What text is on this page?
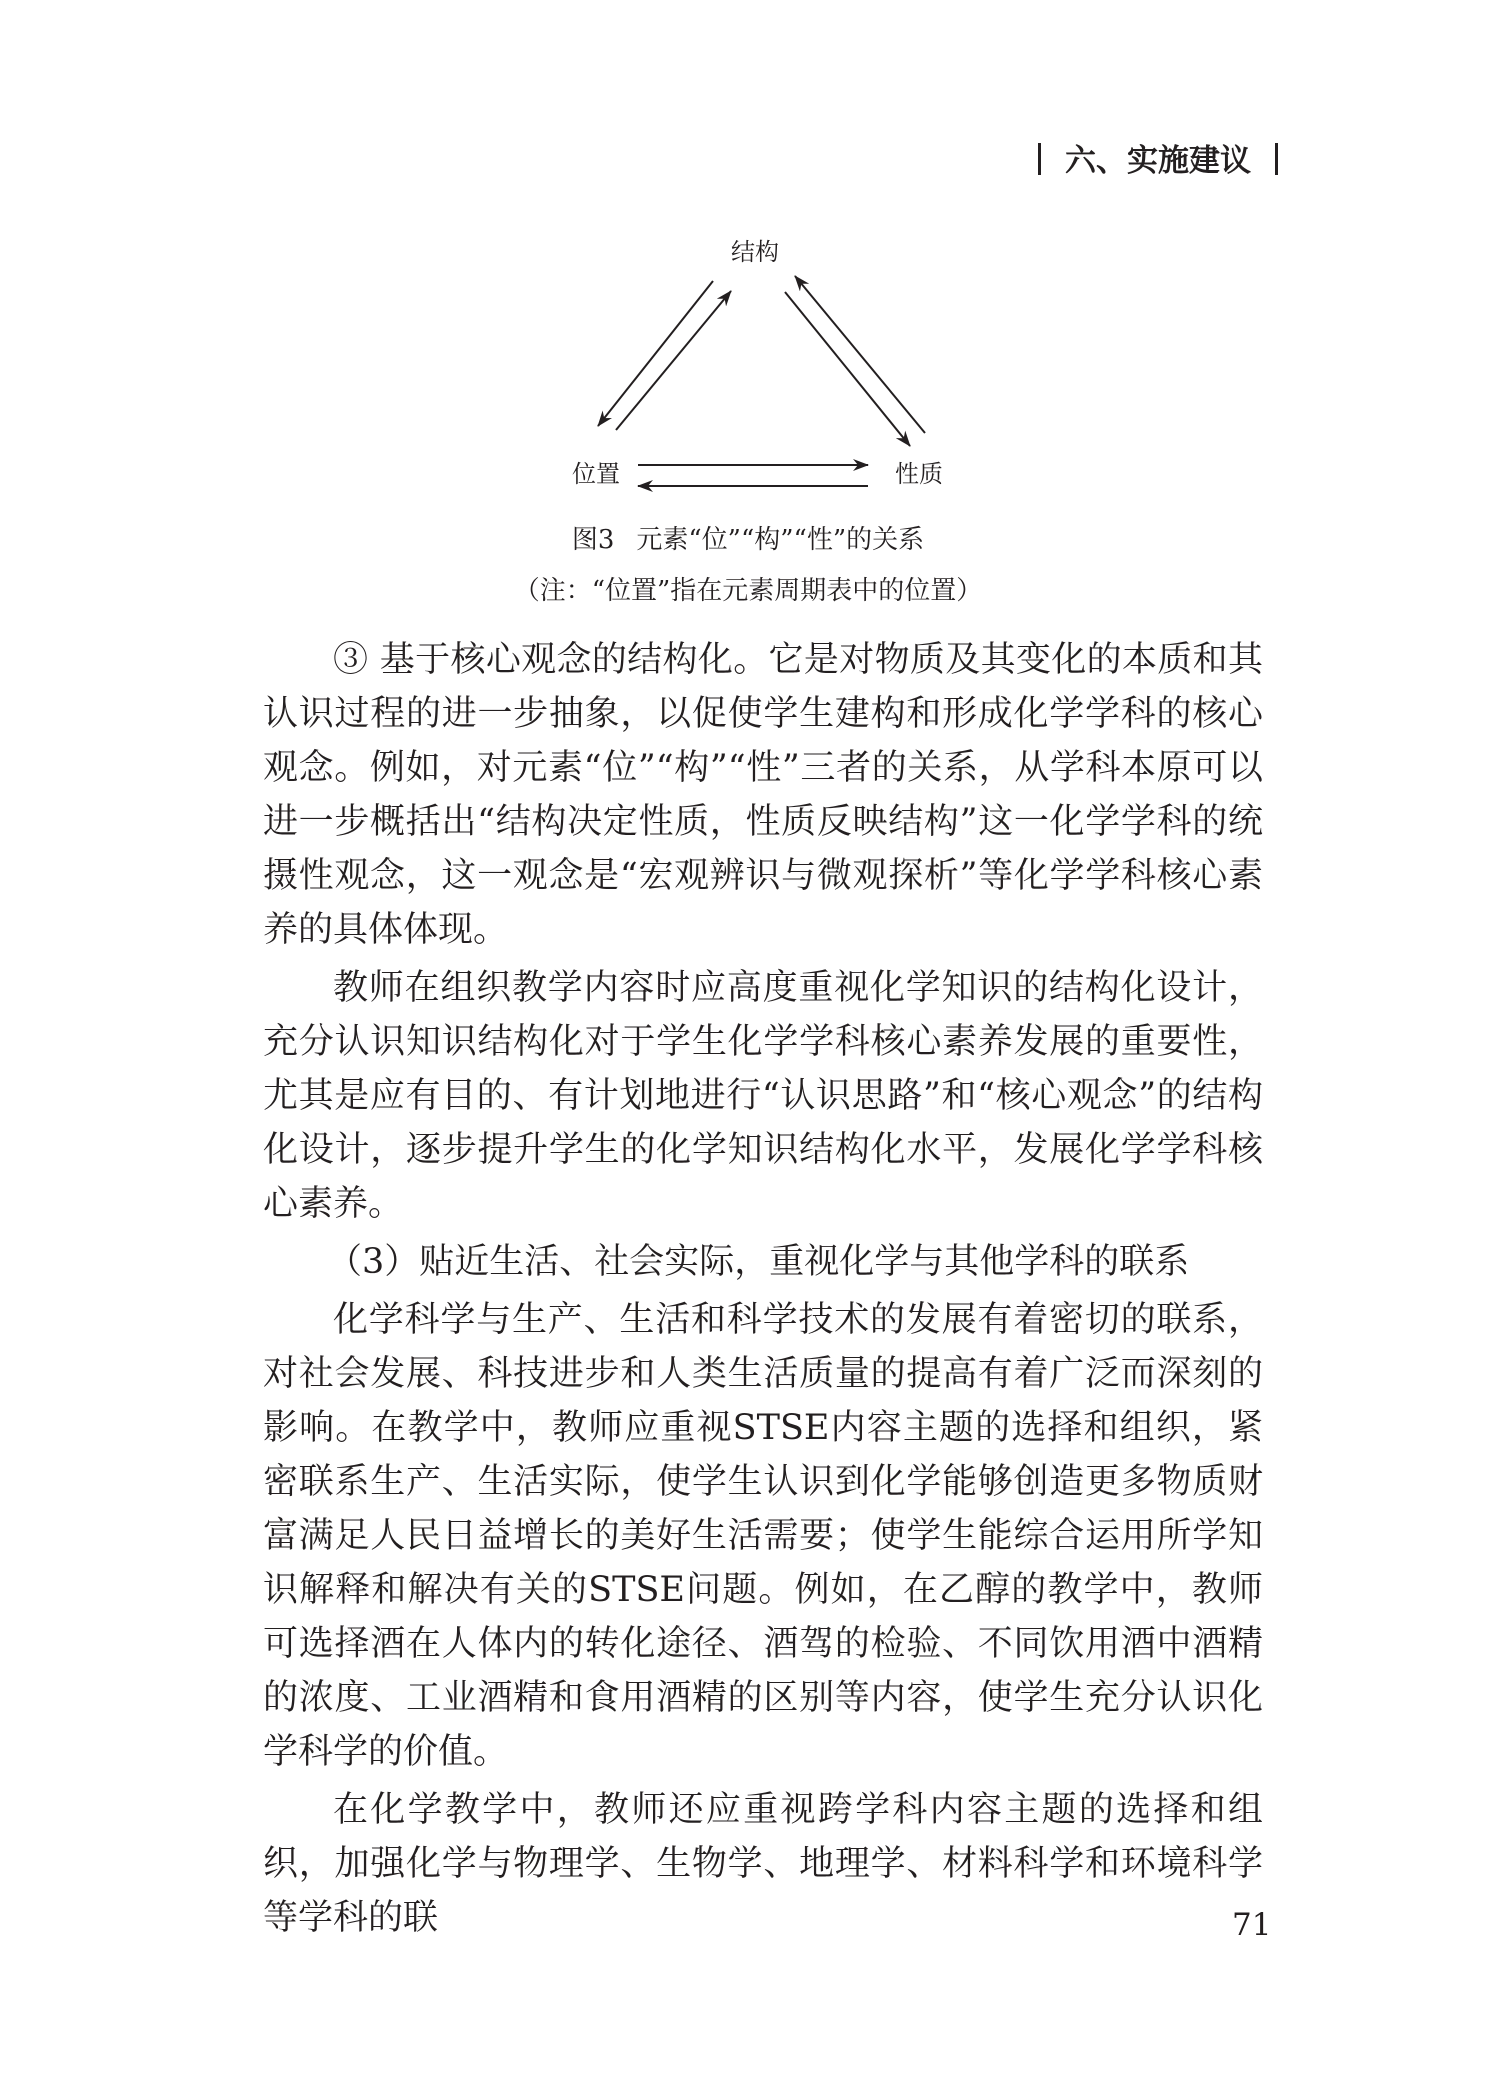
六、实施建议
结构
位置	性质
图3 元素“位”“构”“性”的关系
（注：“位置”指在元素周期表中的位置）

③ 基于核心观念的结构化。它是对物质及其变化的本质和其认识过程的进一步抽象，以促使学生建构和形成化学学科的核心观念。例如，对元素“位”“构”“性”三者的关系，从学科本原可以进一步概括出“结构决定性质，性质反映结构”这一化学学科的统摄性观念，这一观念是“宏观辨识与微观探析”等化学学科核心素养的具体体现。

教师在组织教学内容时应高度重视化学知识的结构化设计，充分认识知识结构化对于学生化学学科核心素养发展的重要性，尤其是应有目的、有计划地进行“认识思路”和“核心观念”的结构化设计，逐步提升学生的化学知识结构化水平，发展化学学科核心素养。

（3）贴近生活、社会实际，重视化学与其他学科的联系

化学科学与生产、生活和科学技术的发展有着密切的联系，对社会发展、科技进步和人类生活质量的提高有着广泛而深刻的影响。在教学中，教师应重视STSE内容主题的选择和组织，紧密联系生产、生活实际，使学生认识到化学能够创造更多物质财富满足人民日益增长的美好生活需要；使学生能综合运用所学知识解释和解决有关的STSE问题。例如，在乙醇的教学中，教师可选择酒在人体内的转化途径、酒驾的检验、不同饮用酒中酒精的浓度、工业酒精和食用酒精的区别等内容，使学生充分认识化学科学的价值。

在化学教学中，教师还应重视跨学科内容主题的选择和组织，加强化学与物理学、生物学、地理学、材料科学和环境科学等学科的联	71
